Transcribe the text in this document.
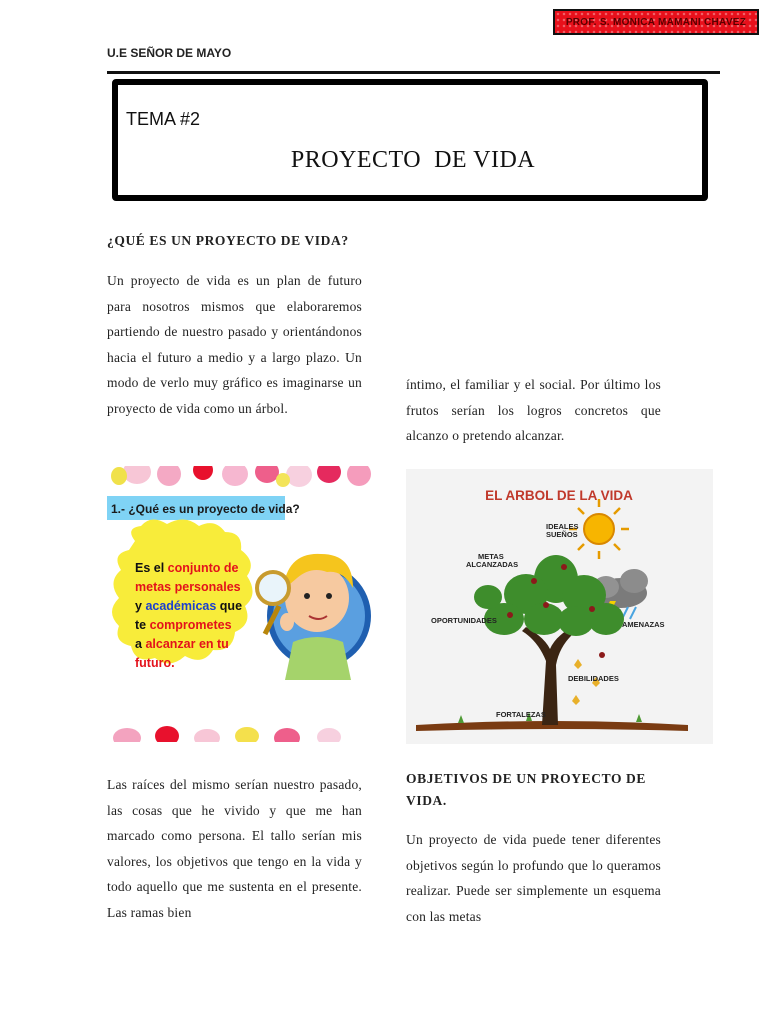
PROF. S. MONICA MAMANI CHAVEZ
U.E SEÑOR DE MAYO
TEMA #2
PROYECTO  DE VIDA
¿QUÉ ES UN PROYECTO DE VIDA?
Un proyecto de vida es un plan de futuro para nosotros mismos que elaboraremos partiendo de nuestro pasado y orientándonos hacia el futuro a medio y a largo plazo. Un modo de verlo muy gráfico es imaginarse un proyecto de vida como un árbol.
1.- ¿Qué es un proyecto de vida?
Es el conjunto de metas personales y académicas que te comprometes a alcanzar en tu futuro.
Las raíces del mismo serían nuestro pasado, las cosas que he vivido y que me han marcado como persona. El tallo serían mis valores, los objetivos que tengo en la vida y todo aquello que me sustenta en el presente. Las ramas bien
íntimo, el familiar y el social. Por último los frutos serían los logros concretos que alcanzo o pretendo alcanzar.
EL ARBOL DE LA VIDA
IDEALES
SUEÑOS
METAS
ALCANZADAS
OPORTUNIDADES	AMENAZAS
DEBILIDADES
FORTALEZAS
OBJETIVOS DE UN PROYECTO DE VIDA.
Un proyecto de vida puede tener diferentes objetivos según lo profundo que lo queramos realizar. Puede ser simplemente un esquema con las metas
